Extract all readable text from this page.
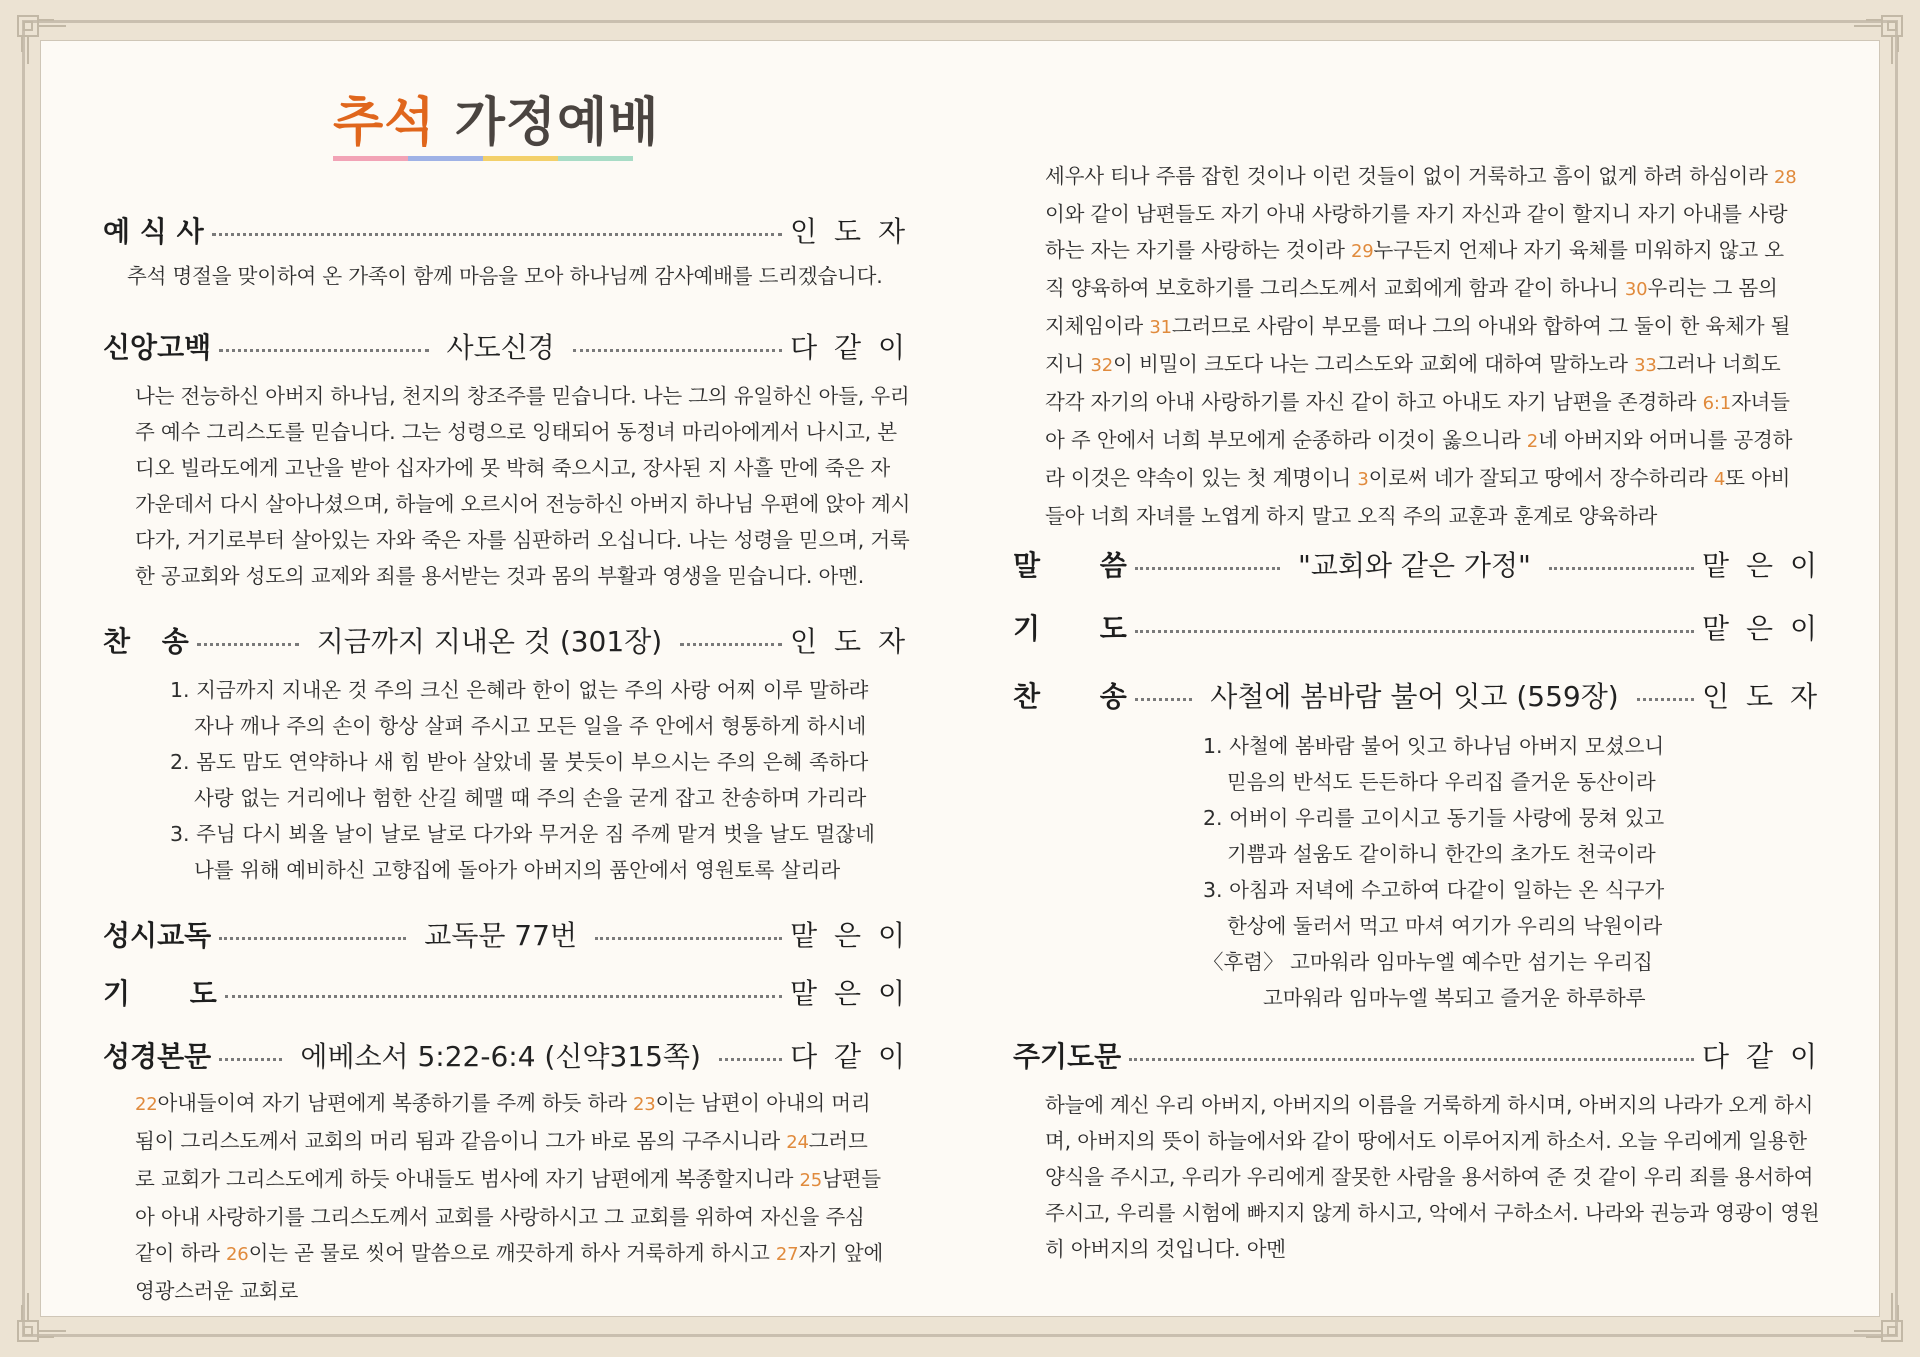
추석 가정예배
예 식 사	인 도 자

추석 명절을 맞이하여 온 가족이 함께 마음을 모아 하나님께 감사예배를 드리겠습니다.

신앙고백	사도신경	다 같 이

나는 전능하신 아버지 하나님, 천지의 창조주를 믿습니다. 나는 그의 유일하신 아들, 우리

주 예수 그리스도를 믿습니다. 그는 성령으로 잉태되어 동정녀 마리아에게서 나시고, 본

디오 빌라도에게 고난을 받아 십자가에 못 박혀 죽으시고, 장사된 지 사흘 만에 죽은 자

가운데서 다시 살아나셨으며, 하늘에 오르시어 전능하신 아버지 하나님 우편에 앉아 계시

다가, 거기로부터 살아있는 자와 죽은 자를 심판하러 오십니다. 나는 성령을 믿으며, 거룩

한 공교회와 성도의 교제와 죄를 용서받는 것과 몸의 부활과 영생을 믿습니다. 아멘.

찬 송	지금까지 지내온 것 (301장)	인 도 자

1. 지금까지 지내온 것 주의 크신 은혜라 한이 없는 주의 사랑 어찌 이루 말하랴

자나 깨나 주의 손이 항상 살펴 주시고 모든 일을 주 안에서 형통하게 하시네

2. 몸도 맘도 연약하나 새 힘 받아 살았네 물 붓듯이 부으시는 주의 은혜 족하다

사랑 없는 거리에나 험한 산길 헤맬 때 주의 손을 굳게 잡고 찬송하며 가리라

3. 주님 다시 뵈올 날이 날로 날로 다가와 무거운 짐 주께 맡겨 벗을 날도 멀잖네

나를 위해 예비하신 고향집에 돌아가 아버지의 품안에서 영원토록 살리라

성시교독	교독문 77번	맡 은 이
기 도	맡 은 이
성경본문	에베소서 5:22-6:4 (신약315쪽)	다 같 이

22아내들이여 자기 남편에게 복종하기를 주께 하듯 하라 23이는 남편이 아내의 머리 됨이 그리스도께서 교회의 머리 됨과 같음이니 그가 바로 몸의 구주시니라 24그러므로 교회가 그리스도에게 하듯 아내들도 범사에 자기 남편에게 복종할지니라 25남편들아 아내 사랑하기를 그리스도께서 교회를 사랑하시고 그 교회를 위하여 자신을 주심 같이 하라 26이는 곧 물로 씻어 말씀으로 깨끗하게 하사 거룩하게 하시고 27자기 앞에 영광스러운 교회로

세우사 티나 주름 잡힌 것이나 이런 것들이 없이 거룩하고 흠이 없게 하려 하심이라 28이와 같이 남편들도 자기 아내 사랑하기를 자기 자신과 같이 할지니 자기 아내를 사랑하는 자는 자기를 사랑하는 것이라 29누구든지 언제나 자기 육체를 미워하지 않고 오직 양육하여 보호하기를 그리스도께서 교회에게 함과 같이 하나니 30우리는 그 몸의 지체임이라 31그러므로 사람이 부모를 떠나 그의 아내와 합하여 그 둘이 한 육체가 될지니 32이 비밀이 크도다 나는 그리스도와 교회에 대하여 말하노라 33그러나 너희도 각각 자기의 아내 사랑하기를 자신 같이 하고 아내도 자기 남편을 존경하라 6:1자녀들아 주 안에서 너희 부모에게 순종하라 이것이 옳으니라 2네 아버지와 어머니를 공경하라 이것은 약속이 있는 첫 계명이니 3이로써 네가 잘되고 땅에서 장수하리라 4또 아비들아 너희 자녀를 노엽게 하지 말고 오직 주의 교훈과 훈계로 양육하라

말 씀	"교회와 같은 가정"	맡 은 이
기 도	맡 은 이
찬 송	사철에 봄바람 불어 잇고 (559장)	인 도 자

1. 사철에 봄바람 불어 잇고 하나님 아버지 모셨으니

믿음의 반석도 든든하다 우리집 즐거운 동산이라

2. 어버이 우리를 고이시고 동기들 사랑에 뭉쳐 있고

기쁨과 설움도 같이하니 한간의 초가도 천국이라

3. 아침과 저녁에 수고하여 다같이 일하는 온 식구가

한상에 둘러서 먹고 마셔 여기가 우리의 낙원이라

〈후렴〉 고마워라 임마누엘 예수만 섬기는 우리집

고마워라 임마누엘 복되고 즐거운 하루하루

주기도문	다 같 이

하늘에 계신 우리 아버지, 아버지의 이름을 거룩하게 하시며, 아버지의 나라가 오게 하시

며, 아버지의 뜻이 하늘에서와 같이 땅에서도 이루어지게 하소서. 오늘 우리에게 일용한

양식을 주시고, 우리가 우리에게 잘못한 사람을 용서하여 준 것 같이 우리 죄를 용서하여

주시고, 우리를 시험에 빠지지 않게 하시고, 악에서 구하소서. 나라와 권능과 영광이 영원

히 아버지의 것입니다. 아멘
